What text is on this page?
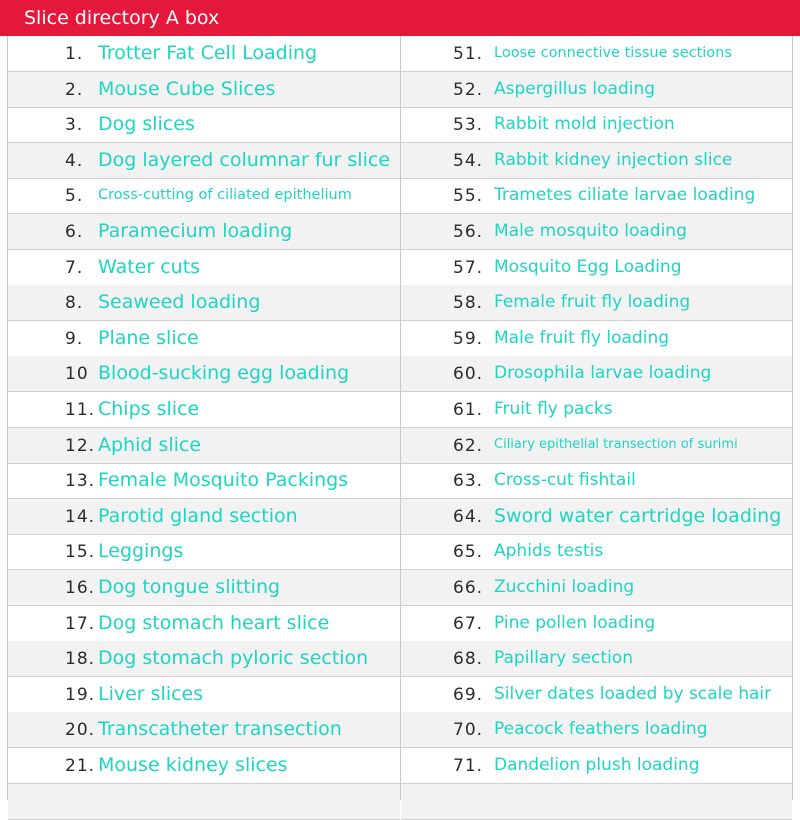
Slice directory A box
1. Trotter Fat Cell Loading
2. Mouse Cube Slices
3. Dog slices
4. Dog layered columnar fur slice
5. Cross-cutting of ciliated epithelium
6. Paramecium loading
7. Water cuts
8. Seaweed loading
9. Plane slice
10 Blood-sucking egg loading
11. Chips slice
12. Aphid slice
13. Female Mosquito Packings
14. Parotid gland section
15. Leggings
16. Dog tongue slitting
17. Dog stomach heart slice
18. Dog stomach pyloric section
19. Liver slices
20. Transcatheter transection
21. Mouse kidney slices
51. Loose connective tissue sections
52. Aspergillus loading
53. Rabbit mold injection
54. Rabbit kidney injection slice
55. Trametes ciliate larvae loading
56. Male mosquito loading
57. Mosquito Egg Loading
58. Female fruit fly loading
59. Male fruit fly loading
60. Drosophila larvae loading
61. Fruit fly packs
62. Ciliary epithelial transection of surimi
63. Cross-cut fishtail
64. Sword water cartridge loading
65. Aphids testis
66. Zucchini loading
67. Pine pollen loading
68. Papillary section
69. Silver dates loaded by scale hair
70. Peacock feathers loading
71. Dandelion plush loading
